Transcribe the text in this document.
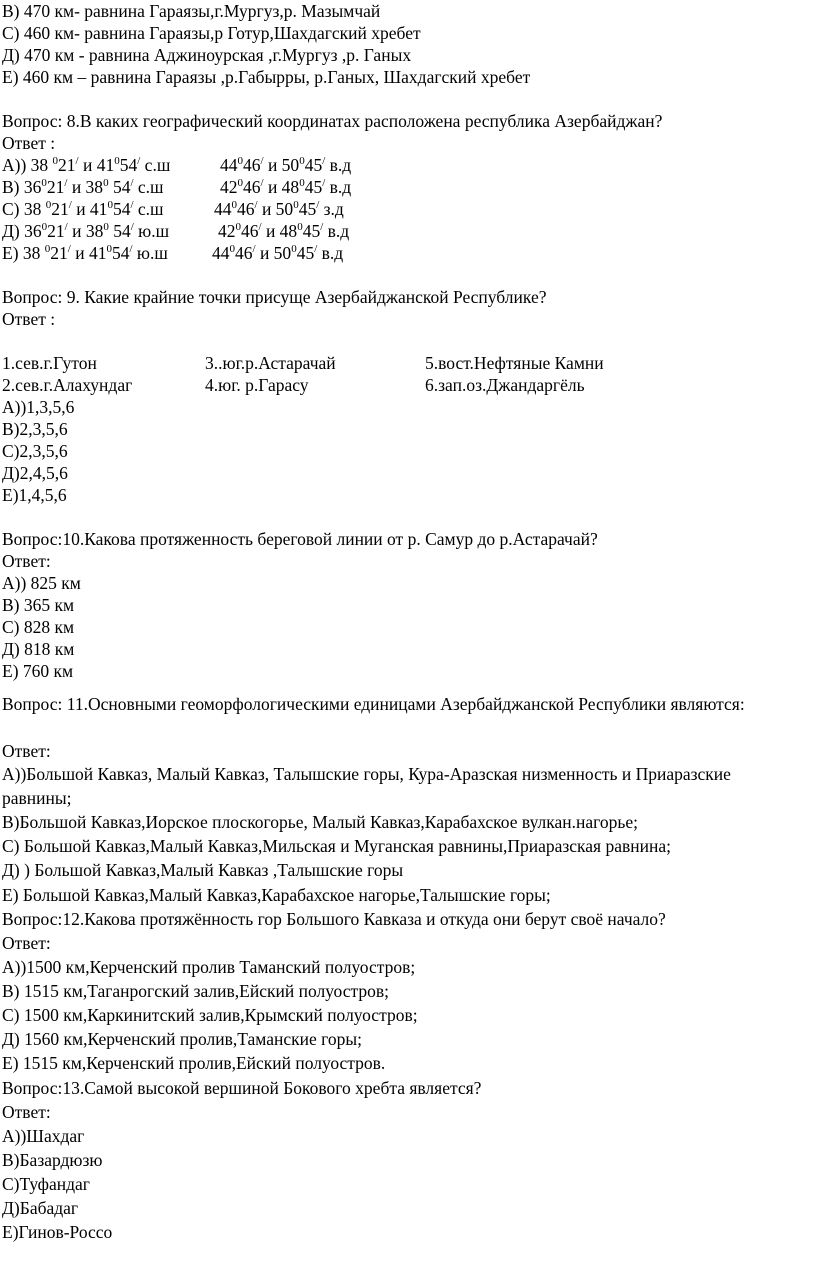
В) 470 км- равнина Гараязы,г.Мургуз,р. Мазымчай
С) 460 км- равнина Гараязы,р Готур,Шахдагский хребет
Д) 470 км - равнина Аджиноурская ,г.Мургуз ,р. Ганых
Е) 460 км – равнина Гараязы ,р.Габырры, р.Ганых, Шахдагский хребет
Вопрос: 8.В каких географический координатах расположена республика Азербайджан?
Ответ :
А)) 38 $^0$21/ и $41^054^/$ с.ш	$44^046^/$ и $50^045^/$ в.д
В) $36^021^/$ и $38^0$ 54/ с.ш	$42^046^/$ и $48^045^/$ в.д
С) 38 $^0$21/ и $41^054^/$ с.ш	$44^046^/$ и $50^045^/$ з.д
Д) $36^021^/$ и $38^0$ 54/ ю.ш	$42^046^/$ и $48^045^/$ в.д
Е) 38 $^0$21/ и $41^054^/$ ю.ш	$44^046^/$ и $50^045^/$ в.д
Вопрос: 9. Какие крайние точки присуще Азербайджанской Республике?
Ответ :
1.сев.г.Гутон	3..юг.р.Астарачай	5.вост.Нефтяные Камни
2.сев.г.Алахундаг	4.юг. р.Гарасу	6.зап.оз.Джандаргёль
А))1,3,5,6
В)2,3,5,6
С)2,3,5,6
Д)2,4,5,6
Е)1,4,5,6
Вопрос:10.Какова протяженность береговой линии от р. Самур до р.Астарачай?
Ответ:
А)) 825 км
В) 365 км
С) 828 км
Д) 818 км
Е) 760 км
Вопрос: 11.Основными геоморфологическими единицами Азербайджанской Республики являются:
Ответ:
А))Большой Кавказ, Малый Кавказ, Талышские горы, Кура-Аразская низменность и Приаразские
равнины;
В)Большой Кавказ,Иорское плоскогорье, Малый Кавказ,Карабахское вулкан.нагорье;
С) Большой Кавказ,Малый Кавказ,Мильская и Муганская равнины,Приаразская равнина;
Д) ) Большой Кавказ,Малый Кавказ ,Талышские горы
Е) Большой Кавказ,Малый Кавказ,Карабахское нагорье,Талышские горы;
Вопрос:12.Какова протяжённость гор Большого Кавказа и откуда они берут своё начало?
Ответ:
А))1500 км,Керченский пролив Таманский полуостров;
В) 1515 км,Таганрогский залив,Ейский полуостров;
С) 1500 км,Каркинитский залив,Крымский полуостров;
Д) 1560 км,Керченский пролив,Таманские горы;
Е) 1515 км,Керченский пролив,Ейский полуостров.
Вопрос:13.Самой высокой вершиной Бокового хребта является?
Ответ:
А))Шахдаг
В)Базардюзю
С)Туфандаг
Д)Бабадаг
Е)Гинов-Россо
